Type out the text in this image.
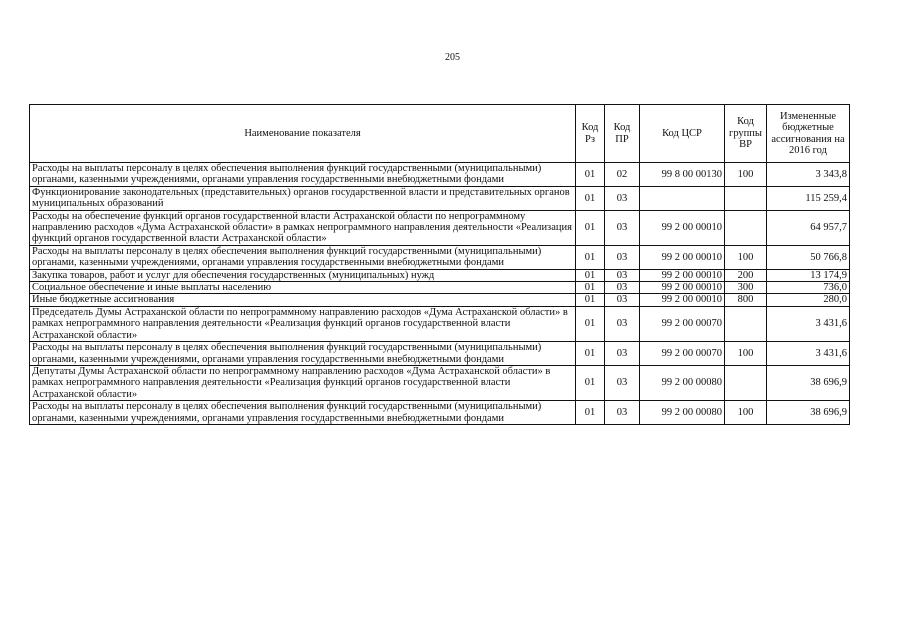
205
Наименование показателя	Код Рз	Код ПР	Код ЦСР	Код группы ВР	Измененные бюджетные ассигнования на 2016 год
Расходы на выплаты персоналу в целях обеспечения выполнения функций государственными (муниципальными) органами, казенными учреждениями, органами управления государственными внебюджетными фондами	01	02	99 8 00 00130	100	3 343,8
Функционирование законодательных (представительных) органов государственной власти и представительных органов муниципальных образований	01	03			115 259,4
Расходы на обеспечение функций органов государственной власти Астраханской области по непрограммному направлению расходов «Дума Астраханской области» в рамках непрограммного направления деятельности «Реализация функций органов государственной власти Астраханской области»	01	03	99 2 00 00010		64 957,7
Расходы на выплаты персоналу в целях обеспечения выполнения функций государственными (муниципальными) органами, казенными учреждениями, органами управления государственными внебюджетными фондами	01	03	99 2 00 00010	100	50 766,8
Закупка товаров, работ и услуг для обеспечения государственных (муниципальных) нужд	01	03	99 2 00 00010	200	13 174,9
Социальное обеспечение и иные выплаты населению	01	03	99 2 00 00010	300	736,0
Иные бюджетные ассигнования	01	03	99 2 00 00010	800	280,0
Председатель Думы Астраханской области по непрограммному направлению расходов «Дума Астраханской области» в рамках непрограммного направления деятельности «Реализация функций органов государственной власти Астраханской области»	01	03	99 2 00 00070		3 431,6
Расходы на выплаты персоналу в целях обеспечения выполнения функций государственными (муниципальными) органами, казенными учреждениями, органами управления государственными внебюджетными фондами	01	03	99 2 00 00070	100	3 431,6
Депутаты Думы Астраханской области по непрограммному направлению расходов «Дума Астраханской области» в рамках непрограммного направления деятельности «Реализация функций органов государственной власти Астраханской области»	01	03	99 2 00 00080		38 696,9
Расходы на выплаты персоналу в целях обеспечения выполнения функций государственными (муниципальными) органами, казенными учреждениями, органами управления государственными внебюджетными фондами	01	03	99 2 00 00080	100	38 696,9
